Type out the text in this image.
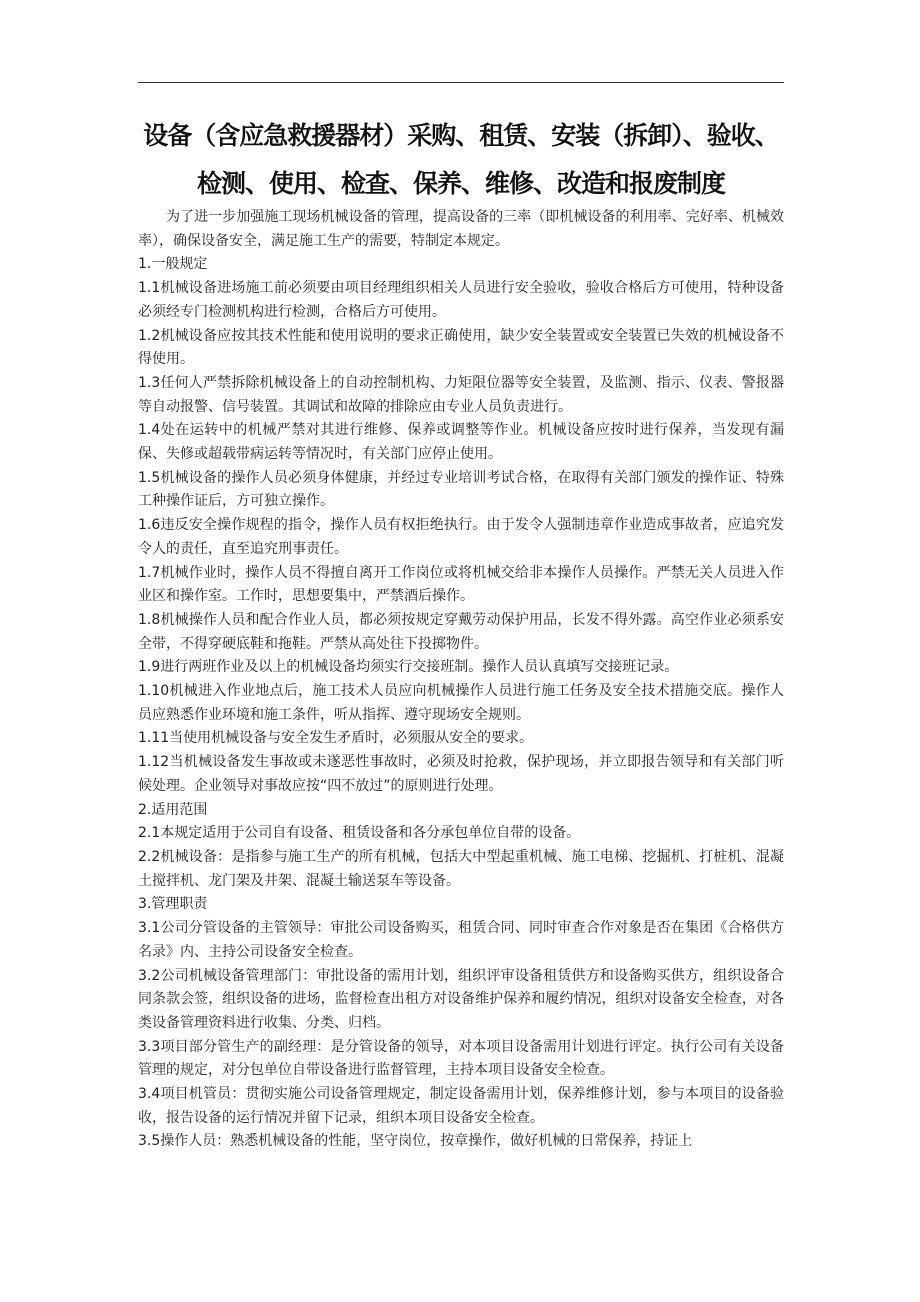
设备（含应急救援器材）采购、租赁、安装（拆卸）、验收、
检测、使用、检查、保养、维修、改造和报废制度

为了进一步加强施工现场机械设备的管理，提高设备的三率（即机械设备的利用率、完好率、机械效率），确保设备安全，满足施工生产的需要，特制定本规定。

1.一般规定

1.1机械设备进场施工前必须要由项目经理组织相关人员进行安全验收，验收合格后方可使用，特种设备必须经专门检测机构进行检测，合格后方可使用。

1.2机械设备应按其技术性能和使用说明的要求正确使用，缺少安全装置或安全装置已失效的机械设备不得使用。

1.3任何人严禁拆除机械设备上的自动控制机构、力矩限位器等安全装置，及监测、指示、仪表、警报器等自动报警、信号装置。其调试和故障的排除应由专业人员负责进行。

1.4处在运转中的机械严禁对其进行维修、保养或调整等作业。机械设备应按时进行保养，当发现有漏保、失修或超载带病运转等情况时，有关部门应停止使用。

1.5机械设备的操作人员必须身体健康，并经过专业培训考试合格，在取得有关部门颁发的操作证、特殊工种操作证后，方可独立操作。

1.6违反安全操作规程的指令，操作人员有权拒绝执行。由于发令人强制违章作业造成事故者，应追究发令人的责任，直至追究刑事责任。

1.7机械作业时，操作人员不得擅自离开工作岗位或将机械交给非本操作人员操作。严禁无关人员进入作业区和操作室。工作时，思想要集中，严禁酒后操作。

1.8机械操作人员和配合作业人员，都必须按规定穿戴劳动保护用品，长发不得外露。高空作业必须系安全带，不得穿硬底鞋和拖鞋。严禁从高处往下投掷物件。

1.9进行两班作业及以上的机械设备均须实行交接班制。操作人员认真填写交接班记录。

1.10机械进入作业地点后，施工技术人员应向机械操作人员进行施工任务及安全技术措施交底。操作人员应熟悉作业环境和施工条件，听从指挥、遵守现场安全规则。

1.11当使用机械设备与安全发生矛盾时，必须服从安全的要求。

1.12当机械设备发生事故或未遂恶性事故时，必须及时抢救，保护现场，并立即报告领导和有关部门听候处理。企业领导对事故应按“四不放过”的原则进行处理。

2.适用范围

2.1本规定适用于公司自有设备、租赁设备和各分承包单位自带的设备。

2.2机械设备：是指参与施工生产的所有机械，包括大中型起重机械、施工电梯、挖掘机、打桩机、混凝土搅拌机、龙门架及井架、混凝土输送泵车等设备。

3.管理职责

3.1公司分管设备的主管领导：审批公司设备购买，租赁合同、同时审查合作对象是否在集团《合格供方名录》内、主持公司设备安全检查。

3.2公司机械设备管理部门：审批设备的需用计划，组织评审设备租赁供方和设备购买供方，组织设备合同条款会签，组织设备的进场，监督检查出租方对设备维护保养和履约情况，组织对设备安全检查，对各类设备管理资料进行收集、分类、归档。

3.3项目部分管生产的副经理：是分管设备的领导，对本项目设备需用计划进行评定。执行公司有关设备管理的规定，对分包单位自带设备进行监督管理，主持本项目设备安全检查。

3.4项目机管员：贯彻实施公司设备管理规定，制定设备需用计划，保养维修计划，参与本项目的设备验收，报告设备的运行情况并留下记录，组织本项目设备安全检查。

3.5操作人员：熟悉机械设备的性能，坚守岗位，按章操作，做好机械的日常保养，持证上
